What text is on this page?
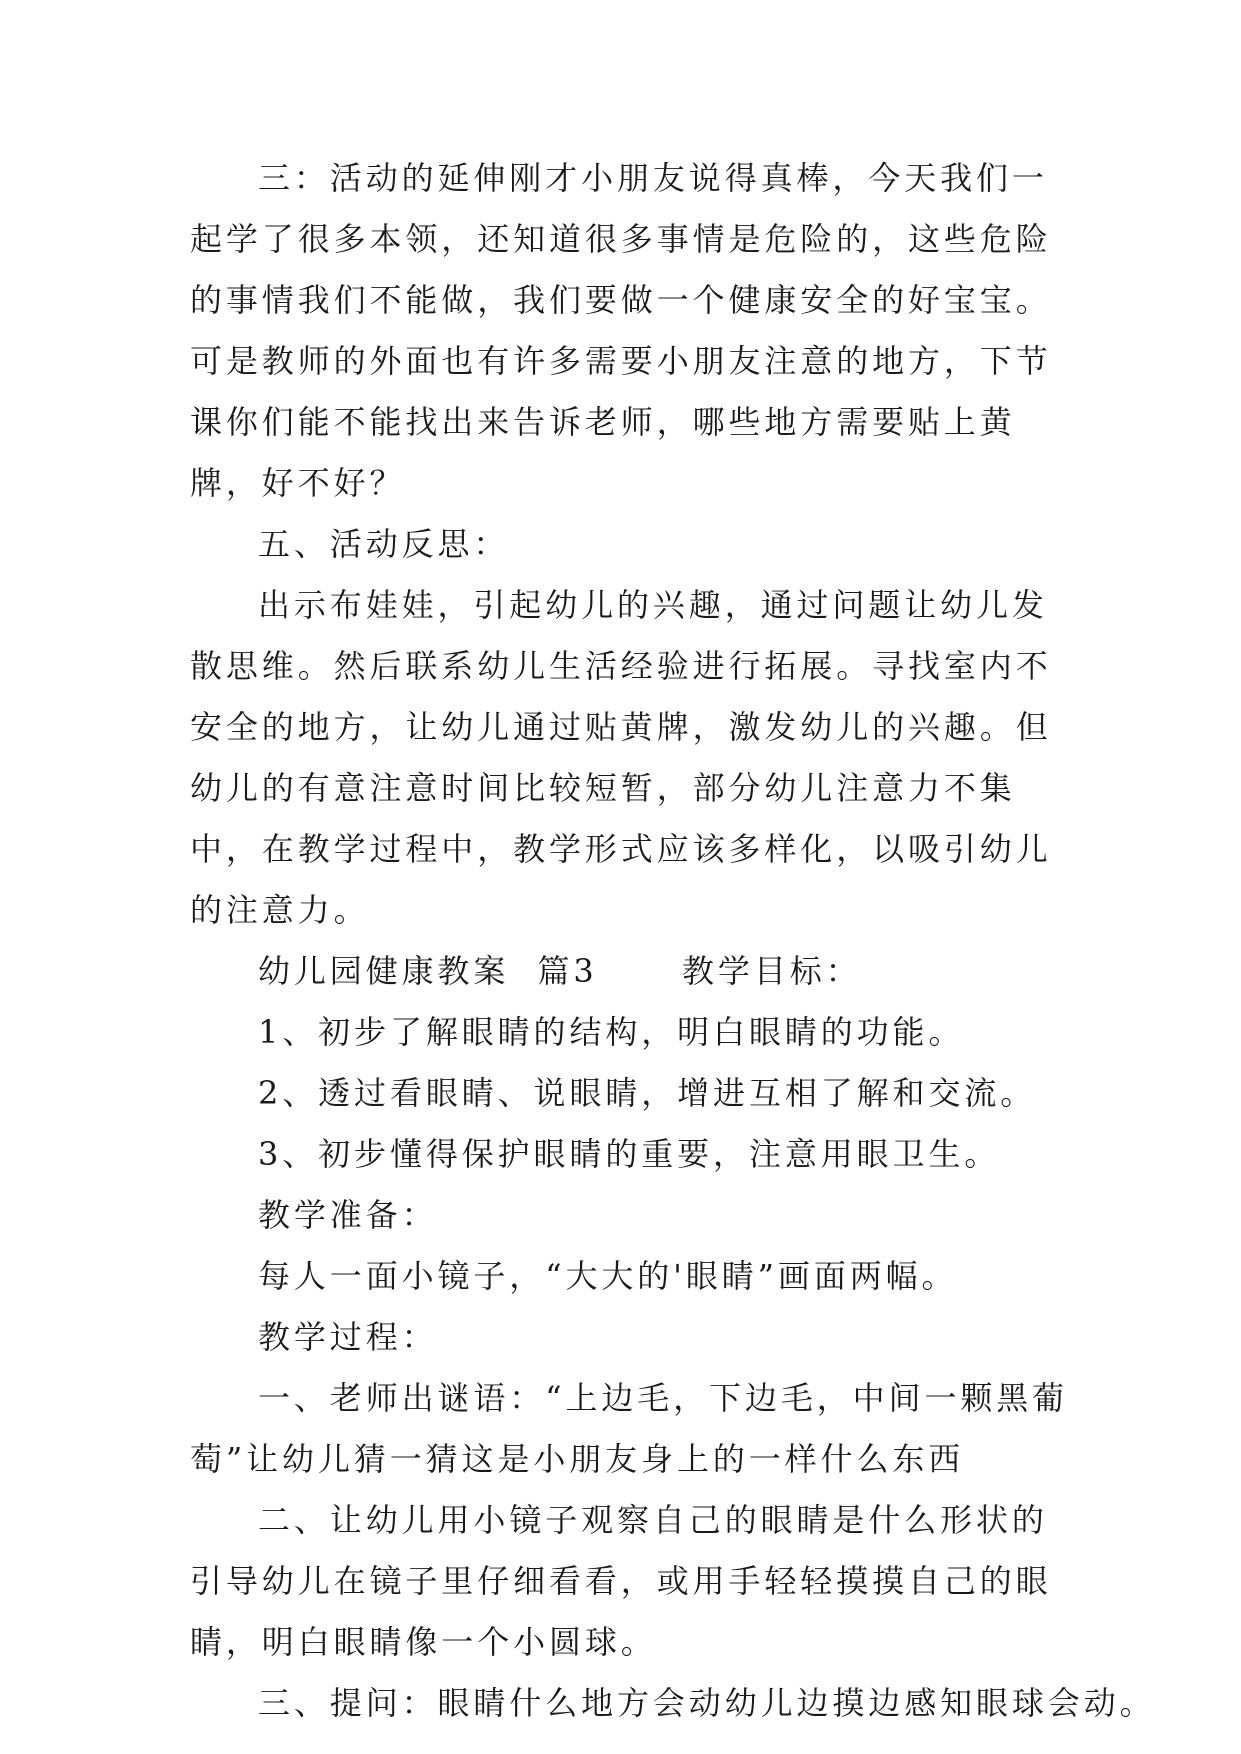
三：活动的延伸刚才小朋友说得真棒，今天我们一起学了很多本领，还知道很多事情是危险的，这些危险的事情我们不能做，我们要做一个健康安全的好宝宝。可是教师的外面也有许多需要小朋友注意的地方，下节课你们能不能找出来告诉老师，哪些地方需要贴上黄牌，好不好？

五、活动反思：

出示布娃娃，引起幼儿的兴趣，通过问题让幼儿发散思维。然后联系幼儿生活经验进行拓展。寻找室内不安全的地方，让幼儿通过贴黄牌，激发幼儿的兴趣。但幼儿的有意注意时间比较短暂，部分幼儿注意力不集中，在教学过程中，教学形式应该多样化，以吸引幼儿的注意力。

幼儿园健康教案  篇3      教学目标：

1、初步了解眼睛的结构，明白眼睛的功能。

2、透过看眼睛、说眼睛，增进互相了解和交流。

3、初步懂得保护眼睛的重要，注意用眼卫生。

教学准备：

每人一面小镜子，“大大的'眼睛”画面两幅。

教学过程：

一、老师出谜语：“上边毛，下边毛，中间一颗黑葡萄”让幼儿猜一猜这是小朋友身上的一样什么东西

二、让幼儿用小镜子观察自己的眼睛是什么形状的引导幼儿在镜子里仔细看看，或用手轻轻摸摸自己的眼睛，明白眼睛像一个小圆球。

三、提问：眼睛什么地方会动幼儿边摸边感知眼球会动。
